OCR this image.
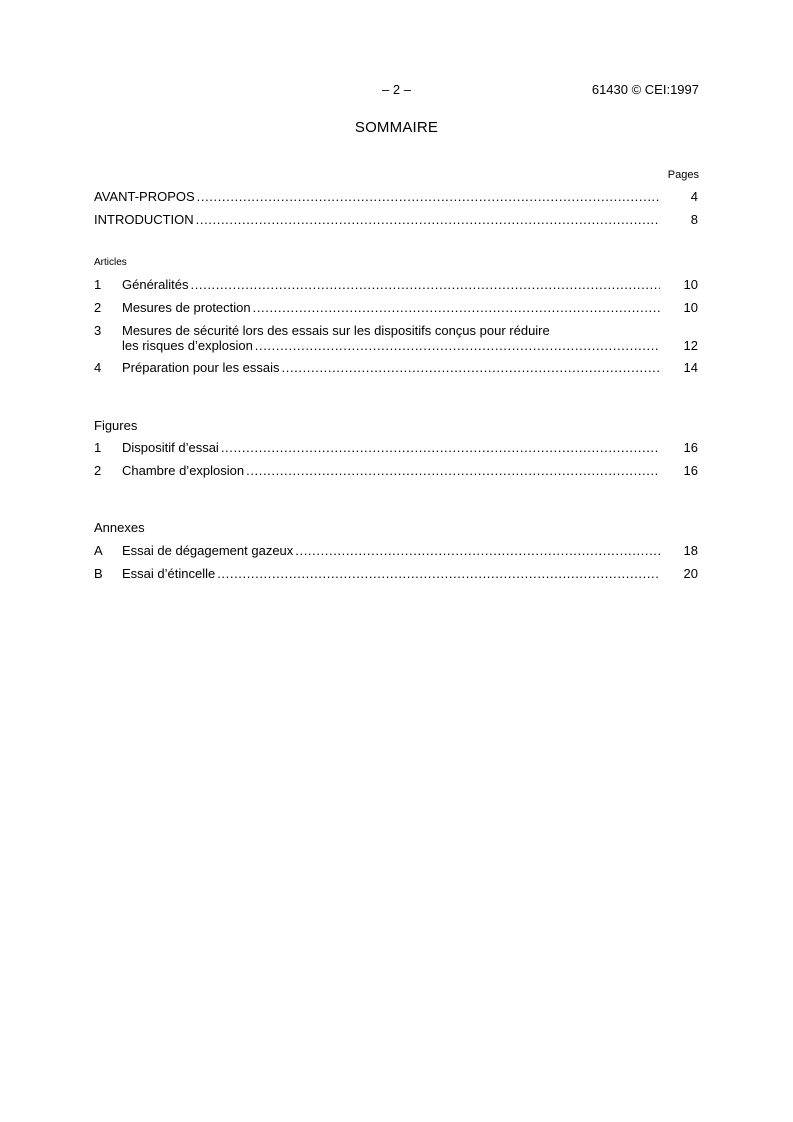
– 2 –	61430 © CEI:1997
SOMMAIRE
Pages
AVANT-PROPOS .....	4
INTRODUCTION .....	8
Articles
1	Généralités .....	10
2	Mesures de protection .....	10
3	Mesures de sécurité lors des essais sur les dispositifs conçus pour réduire
les risques d’explosion .....	12
4	Préparation pour les essais .....	14
Figures
1	Dispositif d’essai .....	16
2	Chambre d’explosion .....	16
Annexes
A	Essai de dégagement gazeux .....	18
B	Essai d’étincelle .....	20
